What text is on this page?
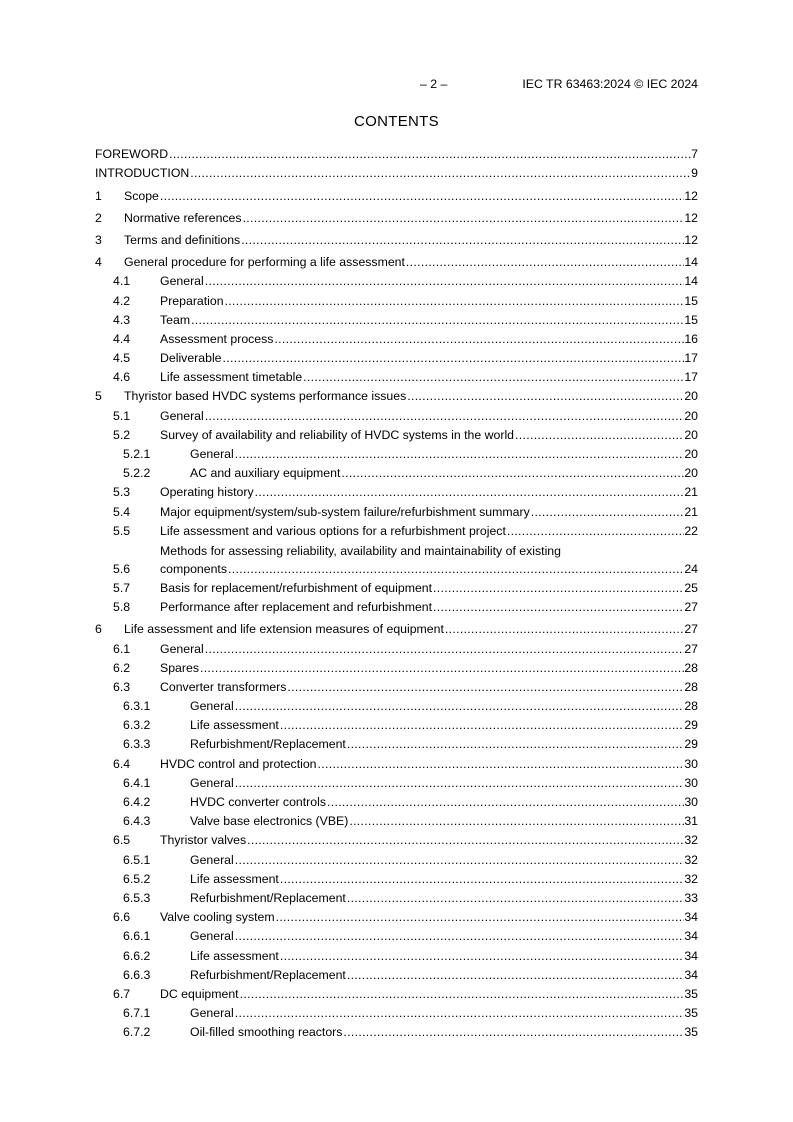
– 2 –	IEC TR 63463:2024 © IEC 2024
CONTENTS
FOREWORD . . .	7
INTRODUCTION . . .	9
1 Scope . . .	12
2 Normative references . . .	12
3 Terms and definitions . . .	12
4 General procedure for performing a life assessment . . .	14
4.1 General . . .	14
4.2 Preparation . . .	15
4.3 Team . . .	15
4.4 Assessment process . . .	16
4.5 Deliverable . . .	17
4.6 Life assessment timetable . . .	17
5 Thyristor based HVDC systems performance issues . . .	20
5.1 General . . .	20
5.2 Survey of availability and reliability of HVDC systems in the world . . .	20
5.2.1	General . . .	20
5.2.2	AC and auxiliary equipment . . .	20
5.3 Operating history . . .	21
5.4 Major equipment/system/sub-system failure/refurbishment summary . . .	21
5.5 Life assessment and various options for a refurbishment project . . .	22
Methods for assessing reliability, availability and maintainability of existing
5.6 components . . .	24
5.7 Basis for replacement/refurbishment of equipment . . .	25
5.8 Performance after replacement and refurbishment . . .	27
6 Life assessment and life extension measures of equipment . . .	27
6.1 General . . .	27
6.2 Spares . . .	28
6.3 Converter transformers . . .	28
6.3.1	General . . .	28
6.3.2	Life assessment . . .	29
6.3.3	Refurbishment/Replacement . . .	29
6.4 HVDC control and protection . . .	30
6.4.1	General . . .	30
6.4.2	HVDC converter controls . . .	30
6.4.3	Valve base electronics (VBE) . . .	31
6.5 Thyristor valves . . .	32
6.5.1	General . . .	32
6.5.2	Life assessment . . .	32
6.5.3	Refurbishment/Replacement . . .	33
6.6 Valve cooling system . . .	34
6.6.1	General . . .	34
6.6.2	Life assessment . . .	34
6.6.3	Refurbishment/Replacement . . .	34
6.7 DC equipment . . .	35
6.7.1	General . . .	35
6.7.2	Oil-filled smoothing reactors . . .	35
